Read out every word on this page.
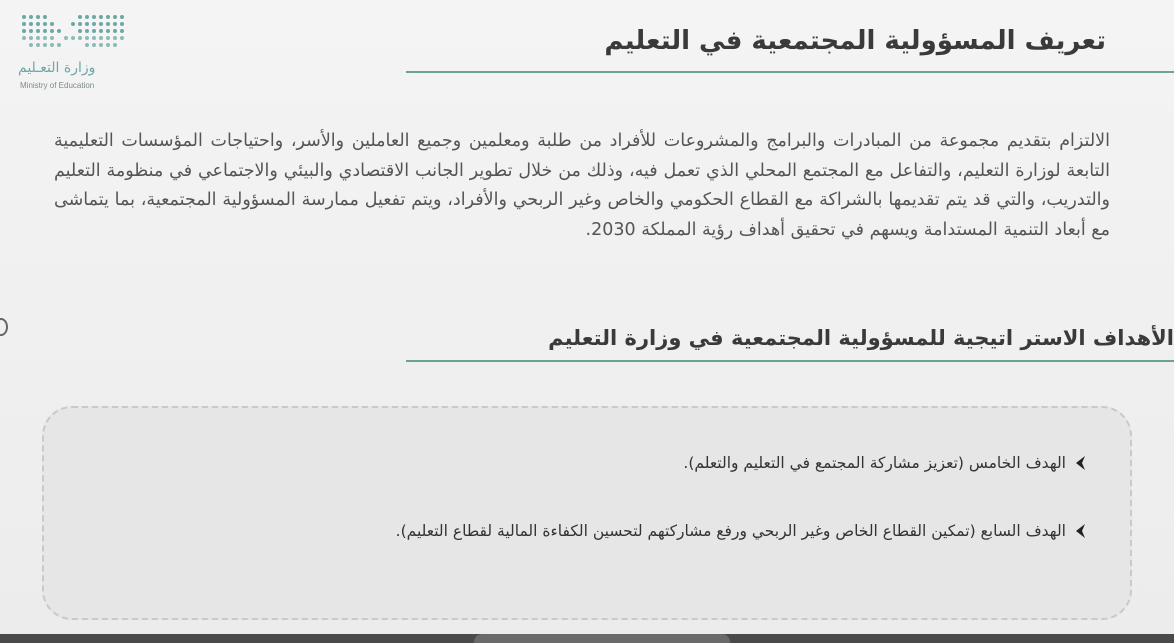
وزارة التعـليم
Ministry of Education
تعريف المسؤولية المجتمعية في التعليم
الالتزام بتقديم مجموعة من المبادرات والبرامج والمشروعات للأفراد من طلبة ومعلمين وجميع العاملين والأسر، واحتياجات المؤسسات التعليمية التابعة لوزارة التعليم، والتفاعل مع المجتمع المحلي الذي تعمل فيه، وذلك من خلال تطوير الجانب الاقتصادي والبيئي والاجتماعي في منظومة التعليم والتدريب، والتي قد يتم تقديمها بالشراكة مع القطاع الحكومي والخاص وغير الربحي والأفراد، ويتم تفعيل ممارسة المسؤولية المجتمعية، بما يتماشى مع أبعاد التنمية المستدامة ويسهم في تحقيق أهداف رؤية المملكة 2030.
الأهداف الاستر اتيجية للمسؤولية المجتمعية في وزارة التعليم
الهدف الخامس (تعزيز مشاركة المجتمع في التعليم والتعلم).
الهدف السابع (تمكين القطاع الخاص وغير الربحي ورفع مشاركتهم لتحسين الكفاءة المالية لقطاع التعليم).
